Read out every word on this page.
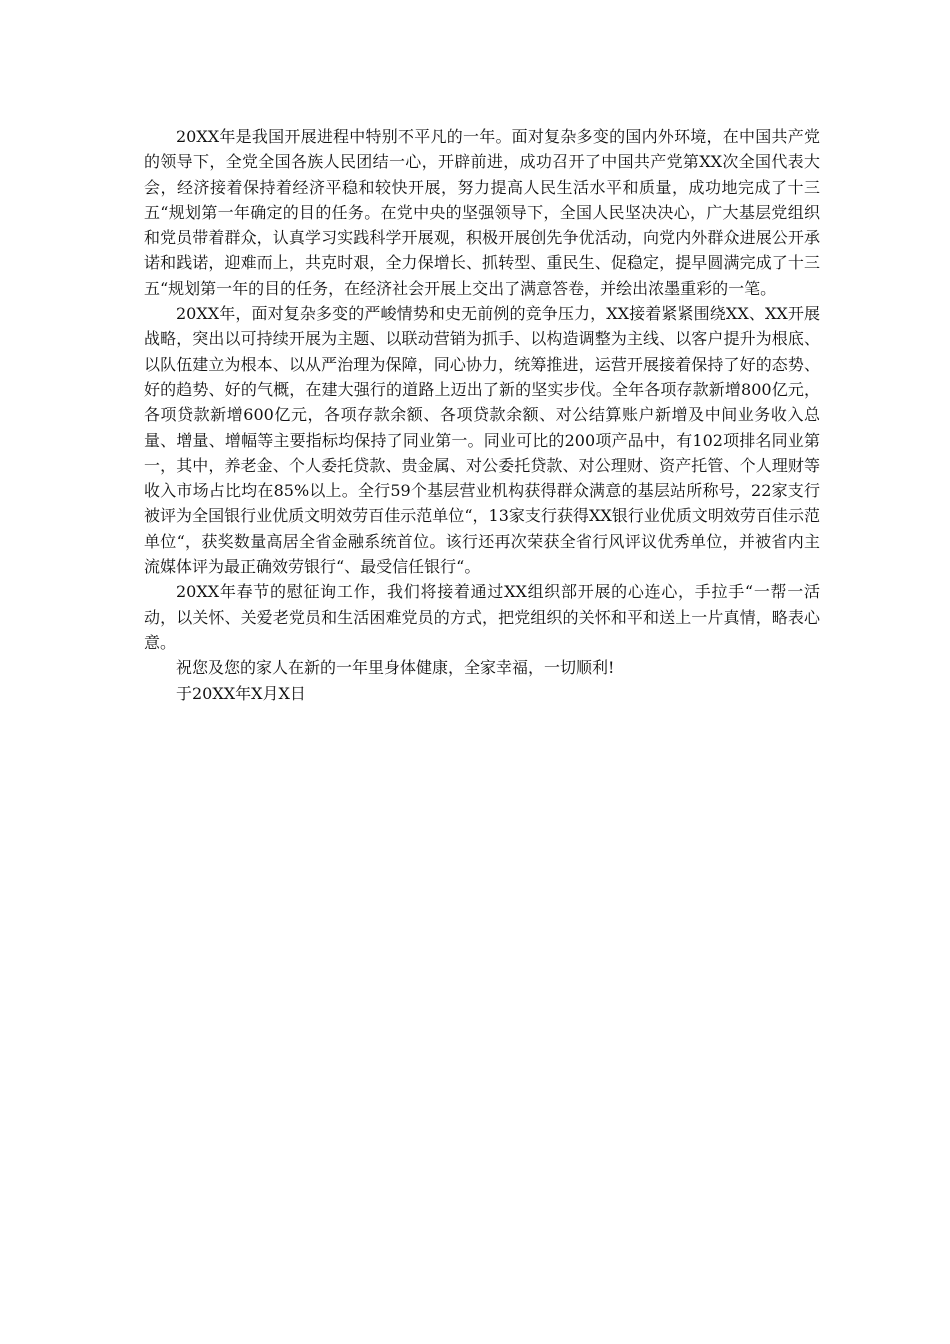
20XX年是我国开展进程中特别不平凡的一年。面对复杂多变的国内外环境，在中国共产党的领导下，全党全国各族人民团结一心，开辟前进，成功召开了中国共产党第XX次全国代表大会，经济接着保持着经济平稳和较快开展，努力提高人民生活水平和质量，成功地完成了十三五“规划第一年确定的目的任务。在党中央的坚强领导下，全国人民坚决决心，广大基层党组织和党员带着群众，认真学习实践科学开展观，积极开展创先争优活动，向党内外群众进展公开承诺和践诺，迎难而上，共克时艰，全力保增长、抓转型、重民生、促稳定，提早圆满完成了十三五“规划第一年的目的任务，在经济社会开展上交出了满意答卷，并绘出浓墨重彩的一笔。

20XX年，面对复杂多变的严峻情势和史无前例的竞争压力，XX接着紧紧围绕XX、XX开展战略，突出以可持续开展为主题、以联动营销为抓手、以构造调整为主线、以客户提升为根底、以队伍建立为根本、以从严治理为保障，同心协力，统筹推进，运营开展接着保持了好的态势、好的趋势、好的气概，在建大强行的道路上迈出了新的坚实步伐。全年各项存款新增800亿元，各项贷款新增600亿元，各项存款余额、各项贷款余额、对公结算账户新增及中间业务收入总量、增量、增幅等主要指标均保持了同业第一。同业可比的200项产品中，有102项排名同业第一，其中，养老金、个人委托贷款、贵金属、对公委托贷款、对公理财、资产托管、个人理财等收入市场占比均在85%以上。全行59个基层营业机构获得群众满意的基层站所称号，22家支行被评为全国银行业优质文明效劳百佳示范单位“，13家支行获得XX银行业优质文明效劳百佳示范单位“，获奖数量高居全省金融系统首位。该行还再次荣获全省行风评议优秀单位，并被省内主流媒体评为最正确效劳银行“、最受信任银行“。

20XX年春节的慰征询工作，我们将接着通过XX组织部开展的心连心，手拉手“一帮一活动，以关怀、关爱老党员和生活困难党员的方式，把党组织的关怀和平和送上一片真情，略表心意。

祝您及您的家人在新的一年里身体健康，全家幸福，一切顺利!

于20XX年X月X日
